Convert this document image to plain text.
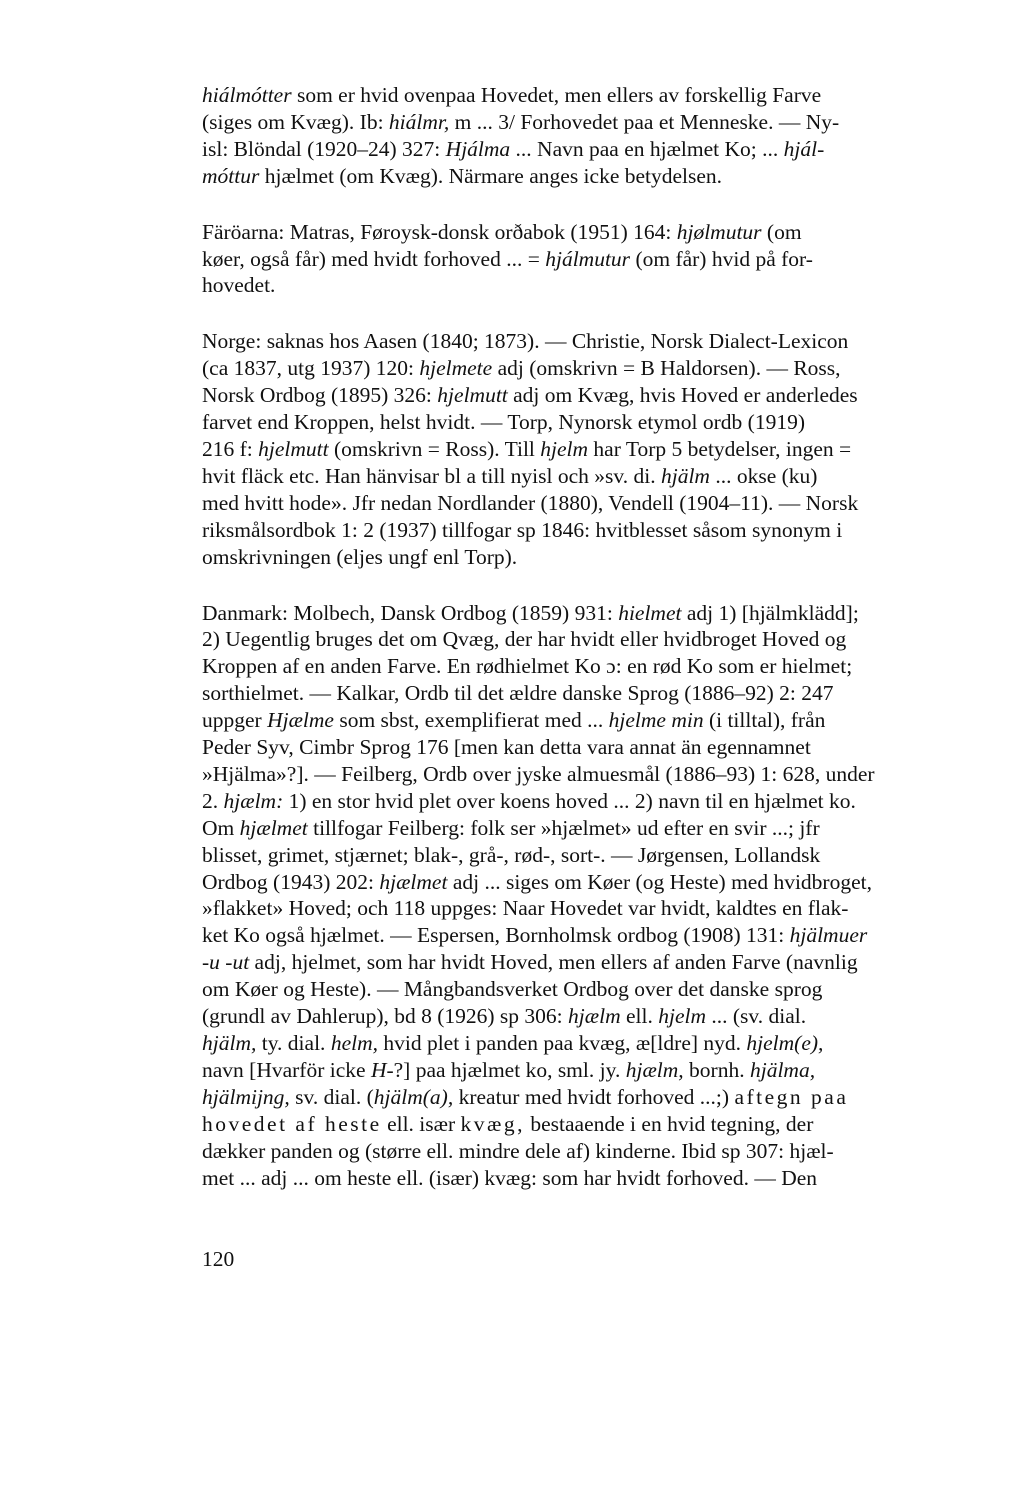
hiálmótter som er hvid ovenpaa Hovedet, men ellers av forskellig Farve
(siges om Kvæg). Ib: hiálmr, m ... 3/ Forhovedet paa et Menneske. — Ny-
isl: Blöndal (1920–24) 327: Hjálma ... Navn paa en hjælmet Ko; ... hjál-
móttur hjælmet (om Kvæg). Närmare anges icke betydelsen.

Färöarna: Matras, Føroysk-donsk orðabok (1951) 164: hjølmutur (om
køer, også får) med hvidt forhoved ... = hjálmutur (om får) hvid på for-
hovedet.

Norge: saknas hos Aasen (1840; 1873). — Christie, Norsk Dialect-Lexicon
(ca 1837, utg 1937) 120: hjelmete adj (omskrivn = B Haldorsen). — Ross,
Norsk Ordbog (1895) 326: hjelmutt adj om Kvæg, hvis Hoved er anderledes
farvet end Kroppen, helst hvidt. — Torp, Nynorsk etymol ordb (1919)
216 f: hjelmutt (omskrivn = Ross). Till hjelm har Torp 5 betydelser, ingen =
hvit fläck etc. Han hänvisar bl a till nyisl och »sv. di. hjälm ... okse (ku)
med hvitt hode». Jfr nedan Nordlander (1880), Vendell (1904–11). — Norsk
riksmålsordbok 1: 2 (1937) tillfogar sp 1846: hvitblesset såsom synonym i
omskrivningen (eljes ungf enl Torp).

Danmark: Molbech, Dansk Ordbog (1859) 931: hielmet adj 1) [hjälmklädd];
2) Uegentlig bruges det om Qvæg, der har hvidt eller hvidbroget Hoved og
Kroppen af en anden Farve. En rødhielmet Ko ɔ: en rød Ko som er hielmet;
sorthielmet. — Kalkar, Ordb til det ældre danske Sprog (1886–92) 2: 247
uppger Hjælme som sbst, exemplifierat med ... hjelme min (i tilltal), från
Peder Syv, Cimbr Sprog 176 [men kan detta vara annat än egennamnet
»Hjälma»?]. — Feilberg, Ordb over jyske almuesmål (1886–93) 1: 628, under
2. hjælm: 1) en stor hvid plet over koens hoved ... 2) navn til en hjælmet ko.
Om hjælmet tillfogar Feilberg: folk ser »hjælmet» ud efter en svir ...; jfr
blisset, grimet, stjærnet; blak-, grå-, rød-, sort-. — Jørgensen, Lollandsk
Ordbog (1943) 202: hjælmet adj ... siges om Køer (og Heste) med hvidbroget,
»flakket» Hoved; och 118 uppges: Naar Hovedet var hvidt, kaldtes en flak-
ket Ko også hjælmet. — Espersen, Bornholmsk ordbog (1908) 131: hjälmuer
-u -ut adj, hjelmet, som har hvidt Hoved, men ellers af anden Farve (navnlig
om Køer og Heste). — Mångbandsverket Ordbog over det danske sprog
(grundl av Dahlerup), bd 8 (1926) sp 306: hjælm ell. hjelm ... (sv. dial.
hjälm, ty. dial. helm, hvid plet i panden paa kvæg, æ[ldre] nyd. hjelm(e),
navn [Hvarför icke H-?] paa hjælmet ko, sml. jy. hjælm, bornh. hjälma,
hjälmijng, sv. dial. (hjälm(a), kreatur med hvidt forhoved ...;) aftegn paa
hovedet af heste ell. især kvæg, bestaaende i en hvid tegning, der
dækker panden og (større ell. mindre dele af) kinderne. Ibid sp 307: hjæl-
met ... adj ... om heste ell. (især) kvæg: som har hvidt forhoved. — Den

120
